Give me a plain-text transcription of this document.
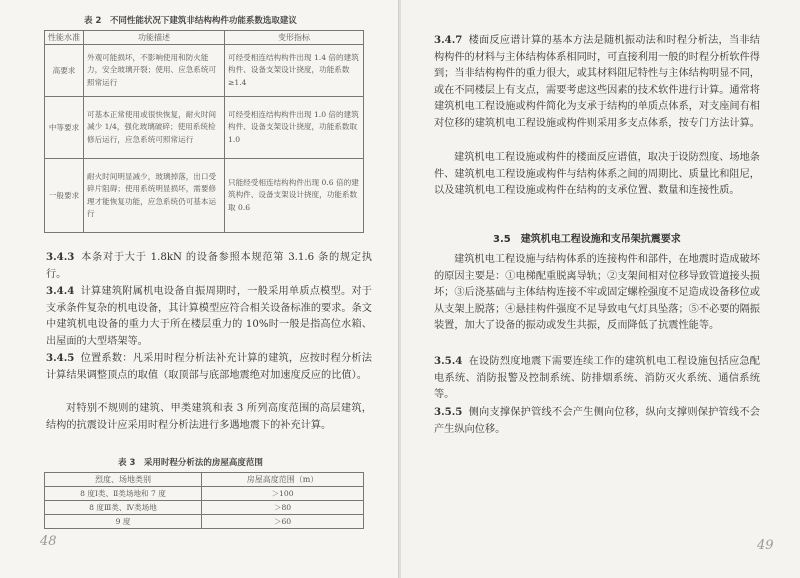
表 2　不同性能状况下建筑非结构构件功能系数选取建议
性能水准	功能描述	变形指标
高要求	外观可能损坏，不影响使用和防火能力，安全玻璃开裂；使用、应急系统可照常运行	可经受相连结构构件出现 1.4 倍的建筑构件、设备支架设计挠度，功能系数≥1.4
中等要求	可基本正常使用或很快恢复，耐火时间减少 1/4，强化玻璃破碎；使用系统检修后运行，应急系统可照常运行	可经受相连结构构件出现 1.0 倍的建筑构件、设备支架设计挠度，功能系数取 1.0
一般要求	耐火时间明显减少，玻璃掉落，出口受碎片阻碍；使用系统明显损坏，需要修理才能恢复功能，应急系统仍可基本运行	只能经受相连结构构件出现 0.6 倍的建筑构件、设备支架设计挠度，功能系数取 0.6
3.4.3 本条对于大于 1.8kN 的设备参照本规范第 3.1.6 条的规定执行。
3.4.4 计算建筑附属机电设备自振周期时，一般采用单质点模型。对于支承条件复杂的机电设备，其计算模型应符合相关设备标准的要求。条文中建筑机电设备的重力大于所在楼层重力的 10%时一般是指高位水箱、出屋面的大型塔架等。
3.4.5 位置系数：凡采用时程分析法补充计算的建筑，应按时程分析法计算结果调整顶点的取值（取顶部与底部地震绝对加速度反应的比值）。
对特别不规则的建筑、甲类建筑和表 3 所列高度范围的高层建筑，结构的抗震设计应采用时程分析法进行多遇地震下的补充计算。
表 3　采用时程分析法的房屋高度范围
烈度、场地类别	房屋高度范围（m）
8 度Ⅰ类、Ⅱ类场地和 7 度	＞100
8 度Ⅲ类、Ⅳ类场地	＞80
9 度	＞60
48
3.4.7 楼面反应谱计算的基本方法是随机振动法和时程分析法，当非结构构件的材料与主体结构体系相同时，可直接利用一般的时程分析软件得到；当非结构构件的重力很大，或其材料阻尼特性与主体结构明显不同，或在不同楼层上有支点，需要考虑这些因素的技术软件进行计算。通常将建筑机电工程设施或构件简化为支承于结构的单质点体系，对支座间有相对位移的建筑机电工程设施或构件则采用多支点体系，按专门方法计算。
建筑机电工程设施或构件的楼面反应谱值，取决于设防烈度、场地条件、建筑机电工程设施或构件与结构体系之间的周期比、质量比和阻尼，以及建筑机电工程设施或构件在结构的支承位置、数量和连接性质。
3.5　建筑机电工程设施和支吊架抗震要求
建筑机电工程设施与结构体系的连接构件和部件，在地震时造成破坏的原因主要是：①电梯配重脱离导轨；②支架间相对位移导致管道接头损坏；③后浇基础与主体结构连接不牢或固定螺栓强度不足造成设备移位或从支架上脱落；④悬挂构件强度不足导致电气灯具坠落；⑤不必要的隔振装置，加大了设备的振动或发生共振，反而降低了抗震性能等。
3.5.4 在设防烈度地震下需要连续工作的建筑机电工程设施包括应急配电系统、消防报警及控制系统、防排烟系统、消防灭火系统、通信系统等。
3.5.5 侧向支撑保护管线不会产生侧向位移，纵向支撑则保护管线不会产生纵向位移。
49
